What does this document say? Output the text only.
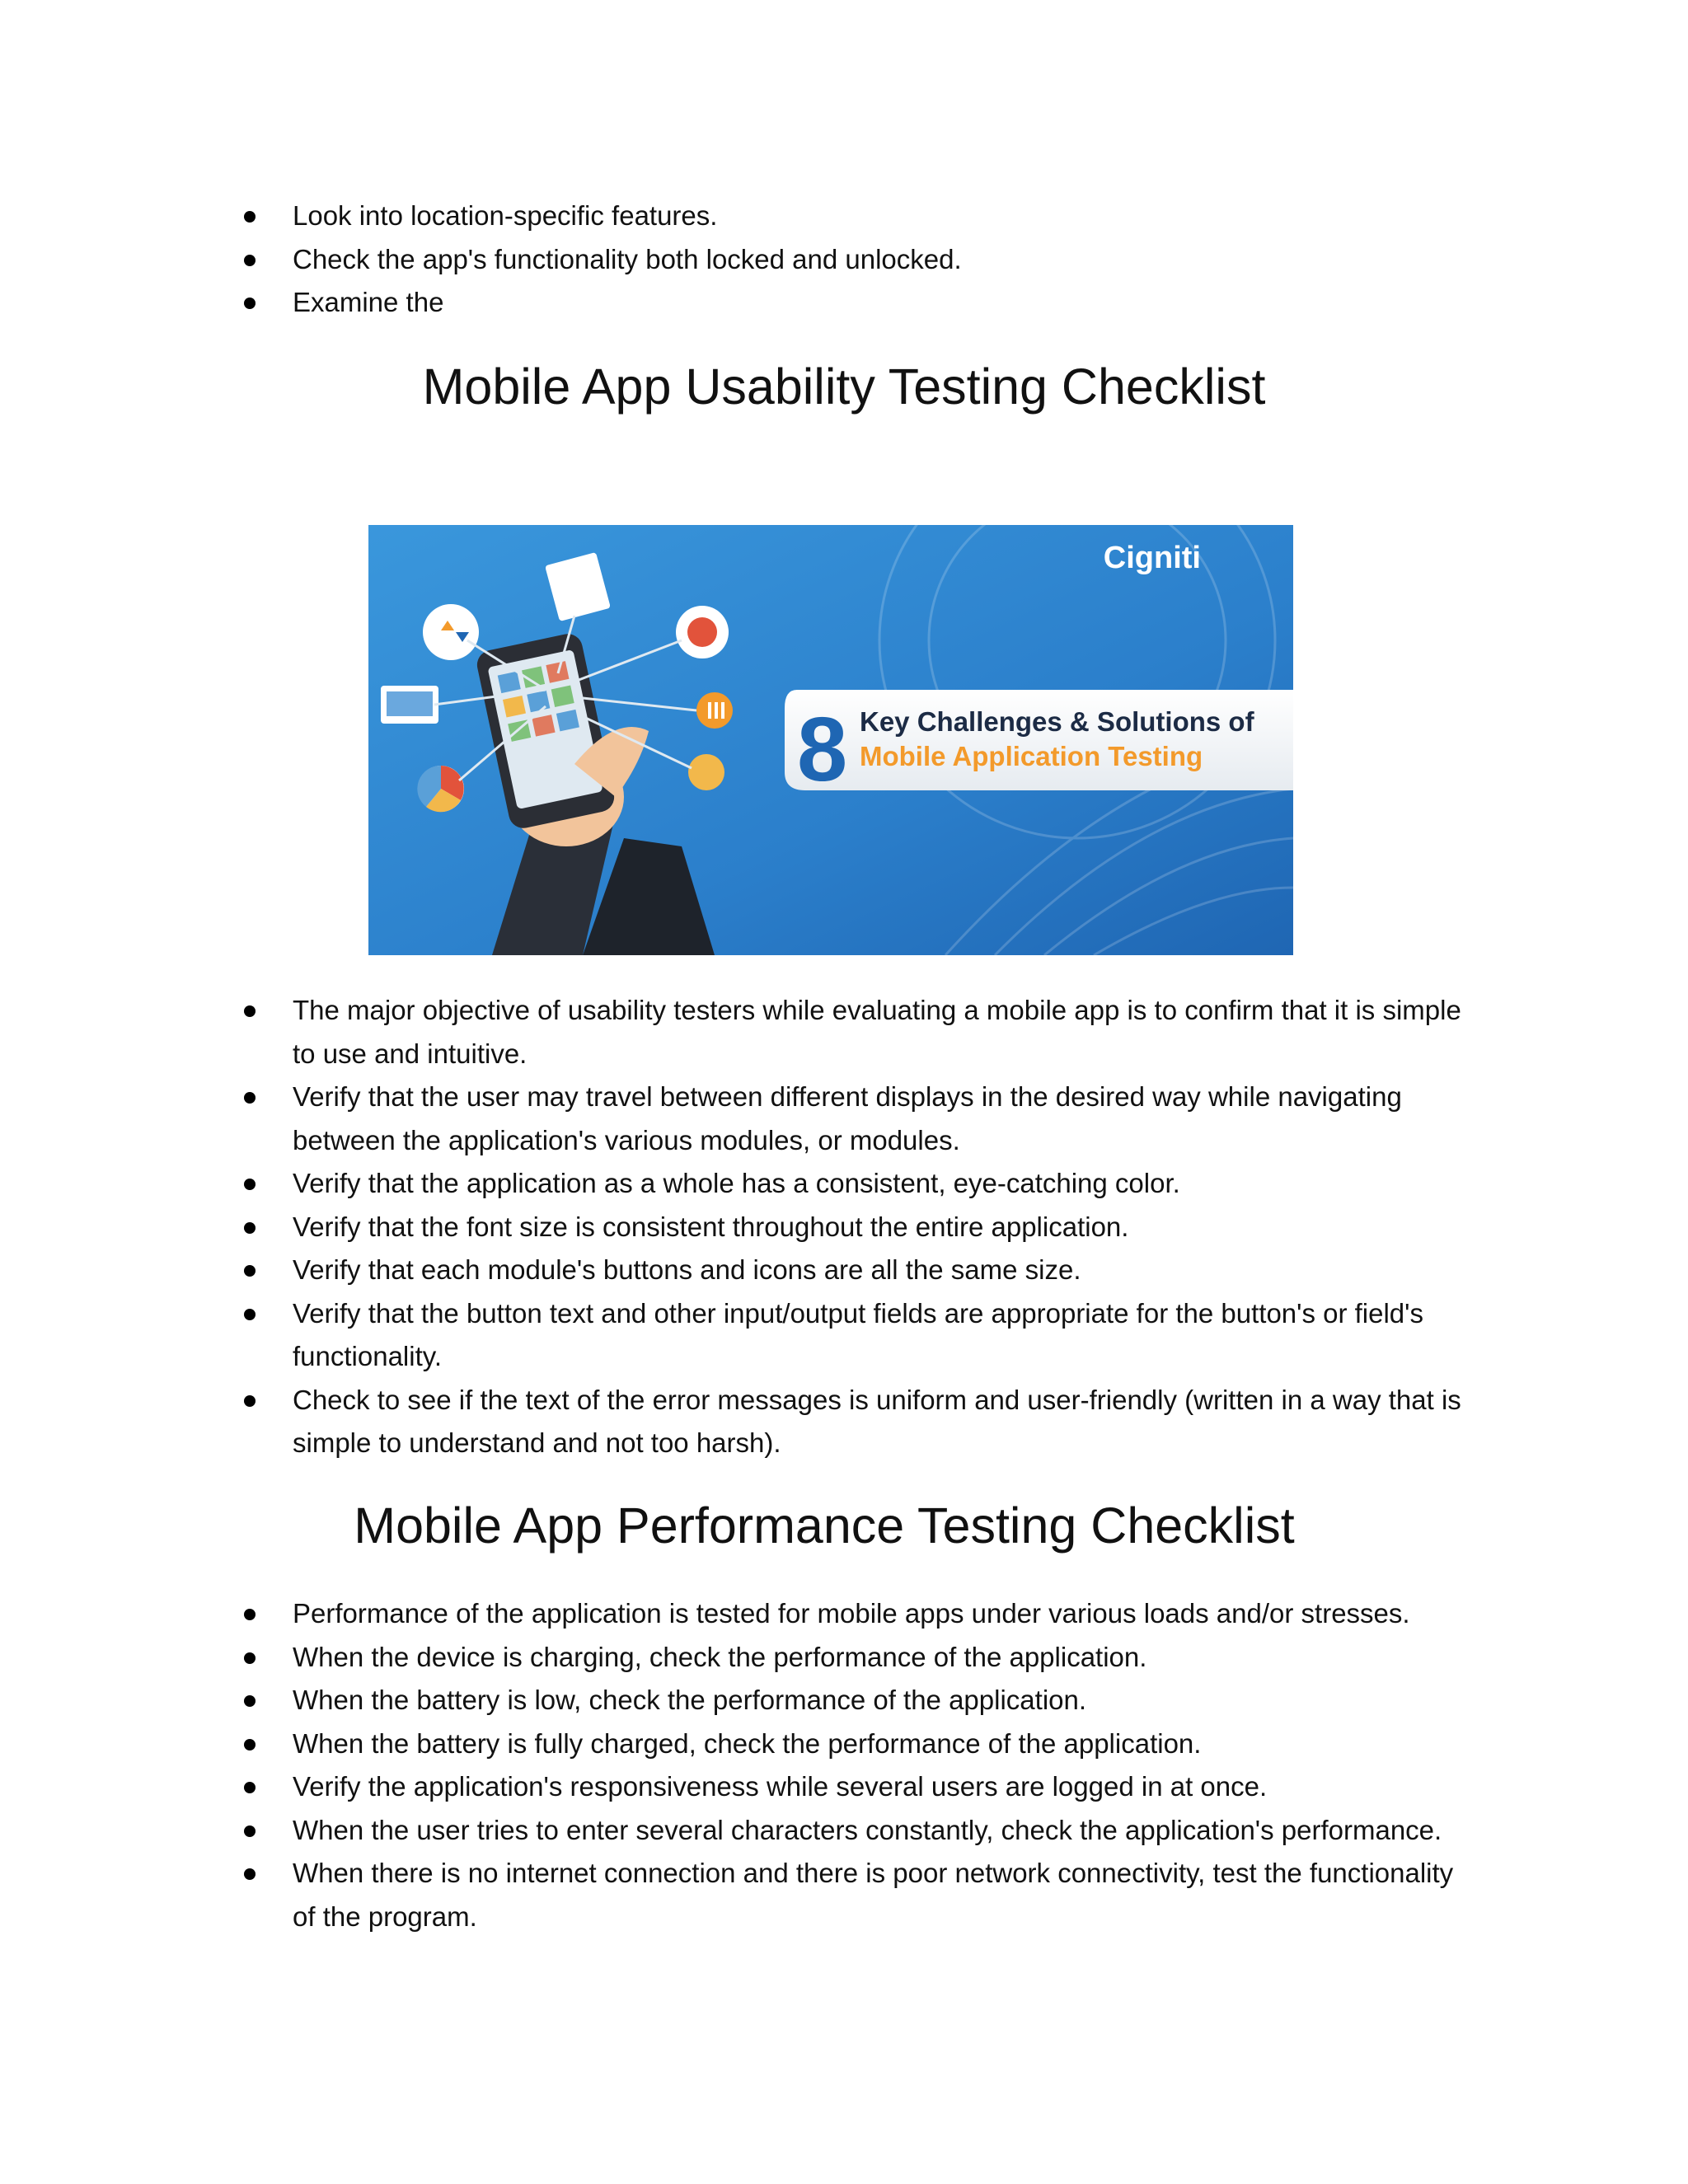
Look into location-specific features.
Check the app's functionality both locked and unlocked.
Examine the
Mobile App Usability Testing Checklist
Cigniti
8 Key Challenges & Solutions of
Mobile Application Testing
The major objective of usability testers while evaluating a mobile app is to confirm that it is simple to use and intuitive.
Verify that the user may travel between different displays in the desired way while navigating between the application's various modules, or modules.
Verify that the application as a whole has a consistent, eye-catching color.
Verify that the font size is consistent throughout the entire application.
Verify that each module's buttons and icons are all the same size.
Verify that the button text and other input/output fields are appropriate for the button's or field's functionality.
Check to see if the text of the error messages is uniform and user-friendly (written in a way that is simple to understand and not too harsh).
Mobile App Performance Testing Checklist
Performance of the application is tested for mobile apps under various loads and/or stresses.
When the device is charging, check the performance of the application.
When the battery is low, check the performance of the application.
When the battery is fully charged, check the performance of the application.
Verify the application's responsiveness while several users are logged in at once.
When the user tries to enter several characters constantly, check the application's performance.
When there is no internet connection and there is poor network connectivity, test the functionality of the program.
